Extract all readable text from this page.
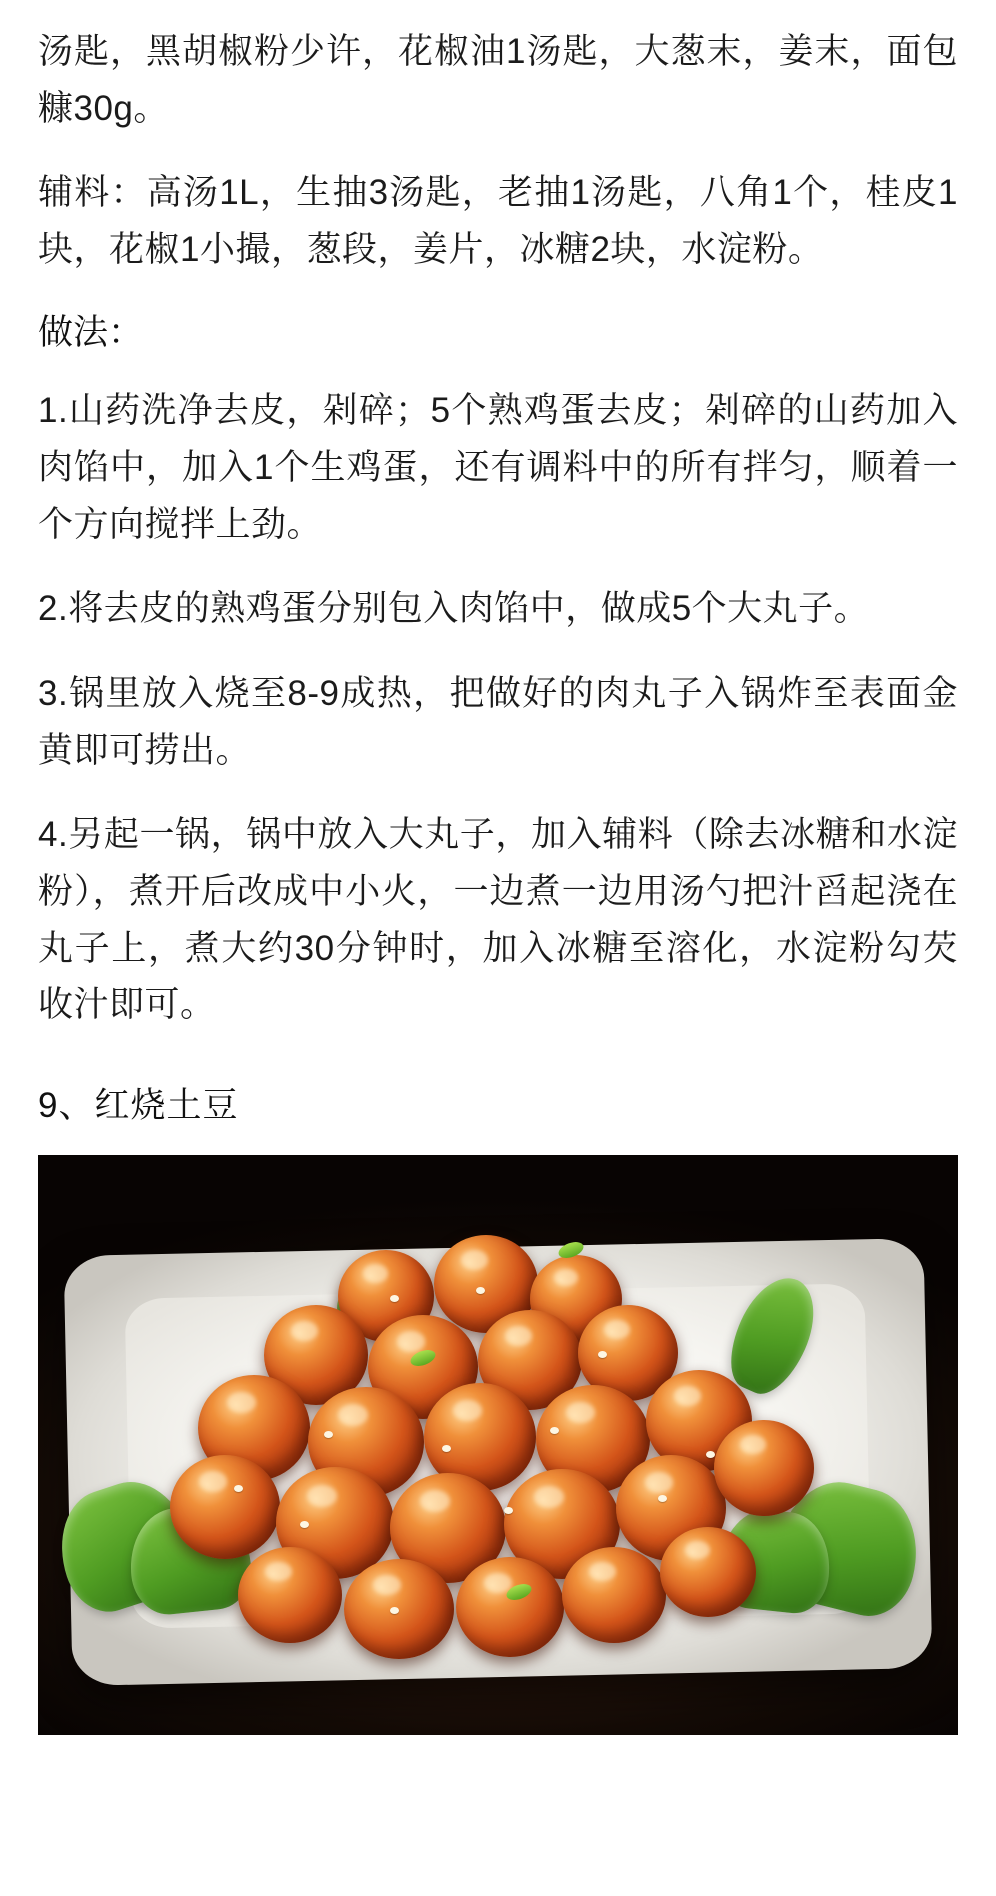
汤匙，黑胡椒粉少许，花椒油1汤匙，大葱末，姜末，面包糠30g。

辅料：高汤1L，生抽3汤匙，老抽1汤匙，八角1个，桂皮1块，花椒1小撮，葱段，姜片，冰糖2块，水淀粉。

做法：

1.山药洗净去皮，剁碎；5个熟鸡蛋去皮；剁碎的山药加入肉馅中，加入1个生鸡蛋，还有调料中的所有拌匀，顺着一个方向搅拌上劲。

2.将去皮的熟鸡蛋分别包入肉馅中，做成5个大丸子。

3.锅里放入烧至8-9成热，把做好的肉丸子入锅炸至表面金黄即可捞出。

4.另起一锅，锅中放入大丸子，加入辅料（除去冰糖和水淀粉），煮开后改成中小火，一边煮一边用汤勺把汁舀起浇在丸子上，煮大约30分钟时，加入冰糖至溶化，水淀粉勾芡收汁即可。

9、红烧土豆
